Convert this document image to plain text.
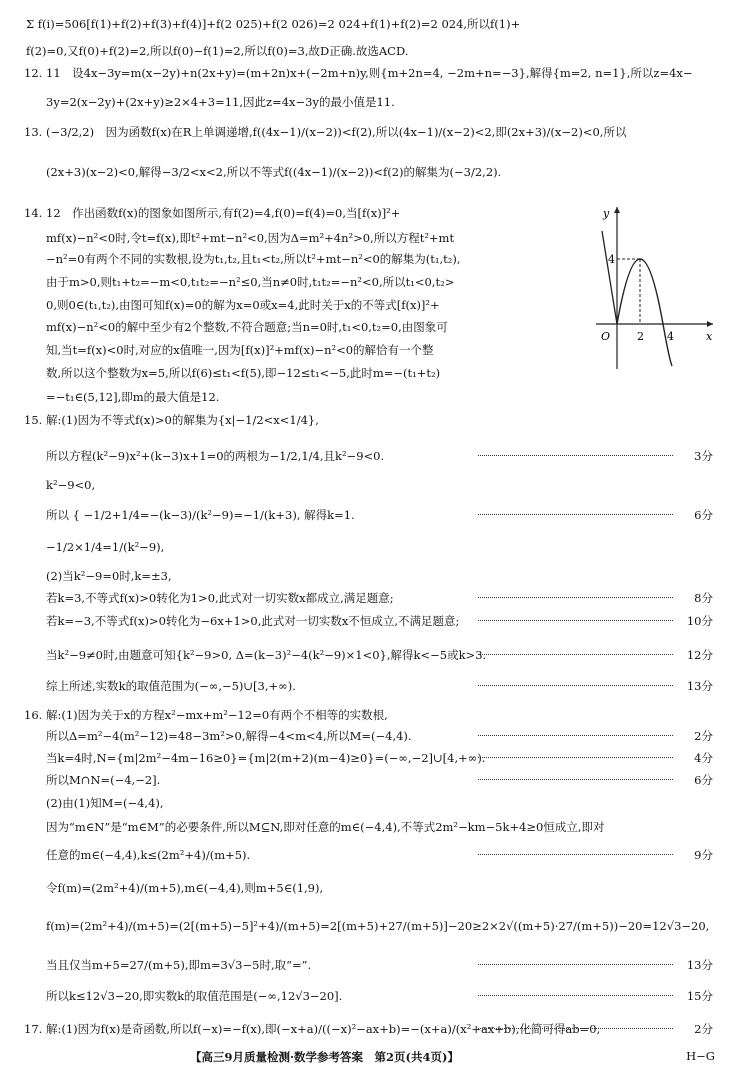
Σ f(i)=506[f(1)+f(2)+f(3)+f(4)]+f(2 025)+f(2 026)=2 024+f(1)+f(2)=2 024,所以f(1)+
f(2)=0,又f(0)+f(2)=2,所以f(0)−f(1)=2,所以f(0)=3,故D正确.故选ACD.
12. 11　设4x−3y=m(x−2y)+n(2x+y)=(m+2n)x+(−2m+n)y,则{m+2n=4, −2m+n=−3},解得{m=2, n=1},所以z=4x−
3y=2(x−2y)+(2x+y)≥2×4+3=11,因此z=4x−3y的最小值是11.
13. (−3/2,2)　因为函数f(x)在R上单调递增,f((4x−1)/(x−2))<f(2),所以(4x−1)/(x−2)<2,即(2x+3)/(x−2)<0,所以
(2x+3)(x−2)<0,解得−3/2<x<2,所以不等式f((4x−1)/(x−2))<f(2)的解集为(−3/2,2).
14. 12　作出函数f(x)的图象如图所示,有f(2)=4,f(0)=f(4)=0,当[f(x)]²+
mf(x)−n²<0时,令t=f(x),即t²+mt−n²<0,因为Δ=m²+4n²>0,所以方程t²+mt
−n²=0有两个不同的实数根,设为t₁,t₂,且t₁<t₂,所以t²+mt−n²<0的解集为(t₁,t₂),
由于m>0,则t₁+t₂=−m<0,t₁t₂=−n²≤0,当n≠0时,t₁t₂=−n²<0,所以t₁<0,t₂>
0,则0∈(t₁,t₂),由图可知f(x)=0的解为x=0或x=4,此时关于x的不等式[f(x)]²+
mf(x)−n²<0的解中至少有2个整数,不符合题意;当n=0时,t₁<0,t₂=0,由图象可
知,当t=f(x)<0时,对应的x值唯一,因为[f(x)]²+mf(x)−n²<0的解恰有一个整
数,所以这个整数为x=5,所以f(6)≤t₁<f(5),即−12≤t₁<−5,此时m=−(t₁+t₂)
=−t₁∈(5,12],即m的最大值是12.
15. 解:(1)因为不等式f(x)>0的解集为{x|−1/2<x<1/4},
所以方程(k²−9)x²+(k−3)x+1=0的两根为−1/2,1/4,且k²−9<0.	3分
k²−9<0,
所以 { −1/2+1/4=−(k−3)/(k²−9)=−1/(k+3), 解得k=1.	6分
−1/2×1/4=1/(k²−9),
(2)当k²−9=0时,k=±3,
若k=3,不等式f(x)>0转化为1>0,此式对一切实数x都成立,满足题意;	8分
若k=−3,不等式f(x)>0转化为−6x+1>0,此式对一切实数x不恒成立,不满足题意;	10分
当k²−9≠0时,由题意可知{k²−9>0, Δ=(k−3)²−4(k²−9)×1<0},解得k<−5或k>3.	12分
综上所述,实数k的取值范围为(−∞,−5)∪[3,+∞).	13分
16. 解:(1)因为关于x的方程x²−mx+m²−12=0有两个不相等的实数根,
所以Δ=m²−4(m²−12)=48−3m²>0,解得−4<m<4,所以M=(−4,4).	2分
当k=4时,N={m|2m²−4m−16≥0}={m|2(m+2)(m−4)≥0}=(−∞,−2]∪[4,+∞).	4分
所以M∩N=(−4,−2].	6分
(2)由(1)知M=(−4,4),
因为“m∈N”是“m∈M”的必要条件,所以M⊆N,即对任意的m∈(−4,4),不等式2m²−km−5k+4≥0恒成立,即对
任意的m∈(−4,4),k≤(2m²+4)/(m+5).	9分
令f(m)=(2m²+4)/(m+5),m∈(−4,4),则m+5∈(1,9),
f(m)=(2m²+4)/(m+5)=(2[(m+5)−5]²+4)/(m+5)=2[(m+5)+27/(m+5)]−20≥2×2√((m+5)·27/(m+5))−20=12√3−20,
当且仅当m+5=27/(m+5),即m=3√3−5时,取“=”.	13分
所以k≤12√3−20,即实数k的取值范围是(−∞,12√3−20].	15分
17. 解:(1)因为f(x)是奇函数,所以f(−x)=−f(x),即(−x+a)/((−x)²−ax+b)=−(x+a)/(x²+ax+b),化简可得ab=0,	2分
y
x
O
4
2 4
【高三9月质量检测·数学参考答案　第2页(共4页)】	H−G
